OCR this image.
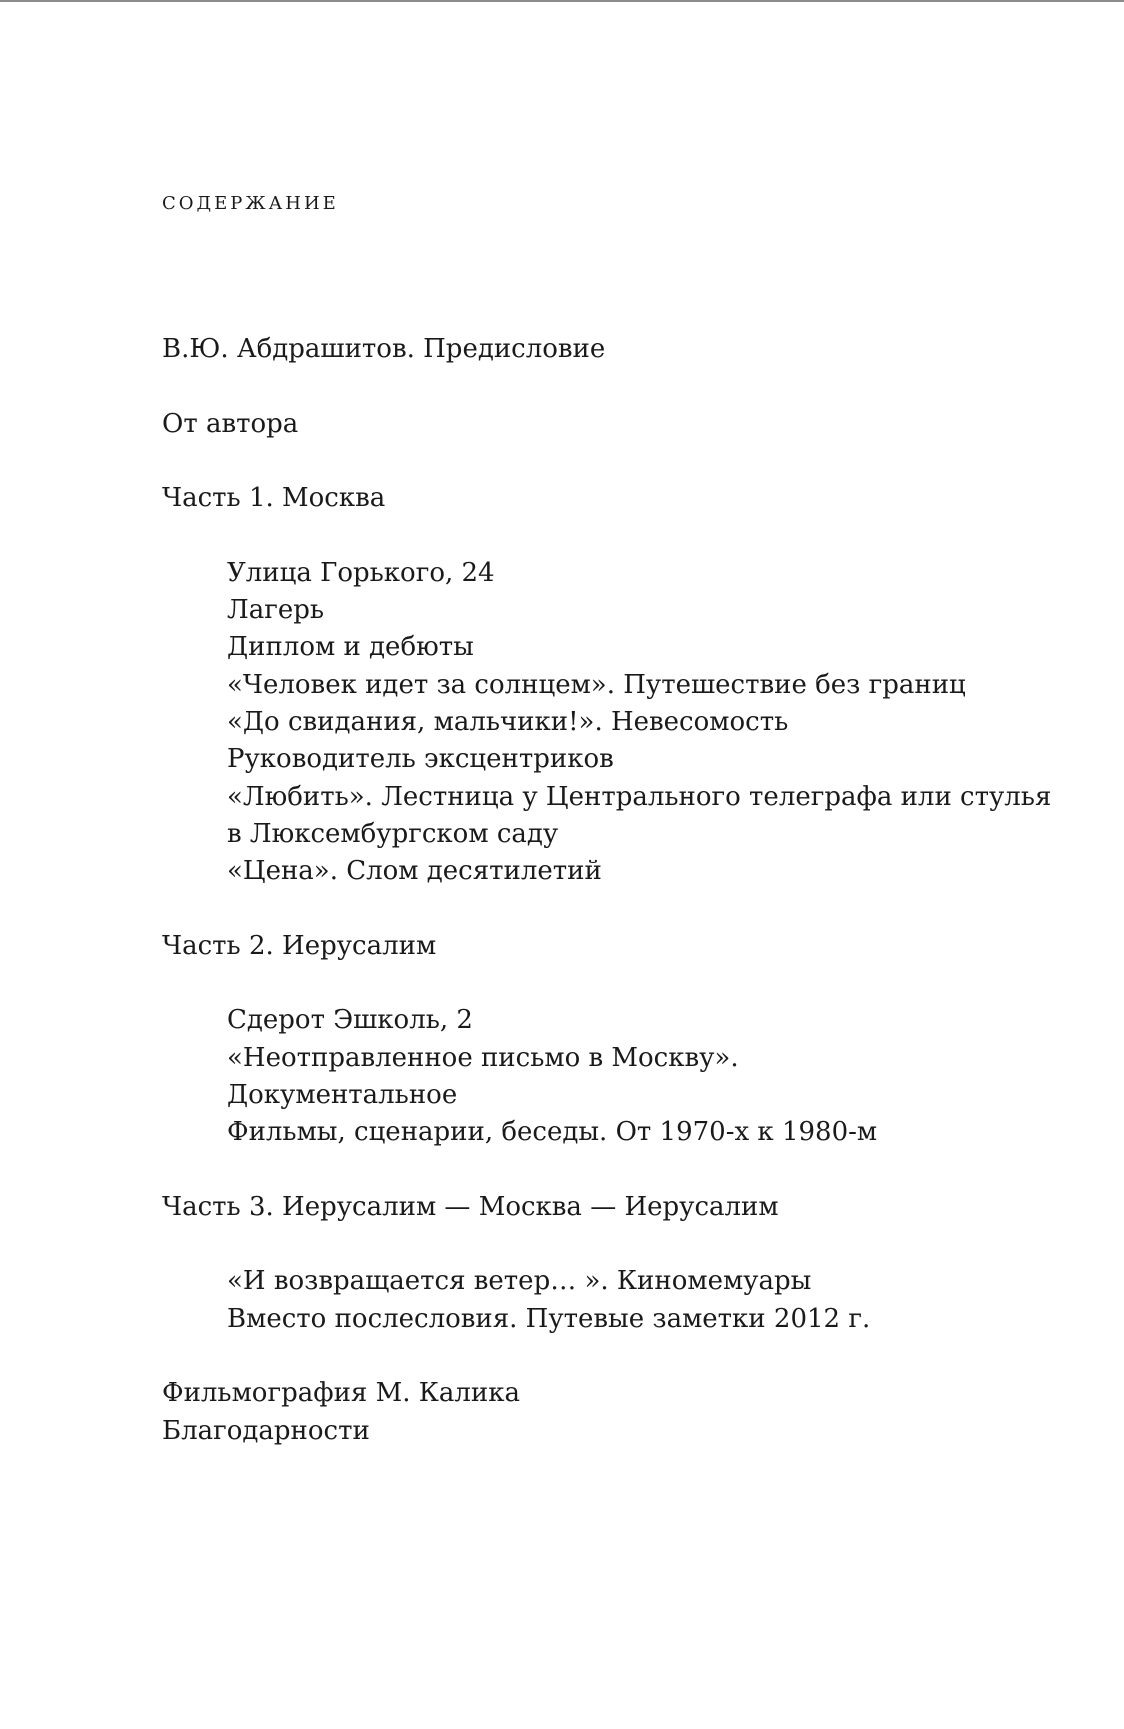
содержание
В.Ю. Абдрашитов. Предисловие
От автора
Часть 1. Москва
Улица Горького, 24
Лагерь
Диплом и дебюты
«Человек идет за солнцем». Путешествие без границ
«До свидания, мальчики!». Невесомость
Руководитель эксцентриков
«Любить». Лестница у Центрального телеграфа или стулья
в Люксембургском саду
«Цена». Слом десятилетий
Часть 2. Иерусалим
Сдерот Эшколь, 2
«Неотправленное письмо в Москву».
Документальное
Фильмы, сценарии, беседы. От 1970-х к 1980-м
Часть 3. Иерусалим — Москва — Иерусалим
«И возвращается ветер… ». Киномемуары
Вместо послесловия. Путевые заметки 2012 г.
Фильмография М. Калика
Благодарности
